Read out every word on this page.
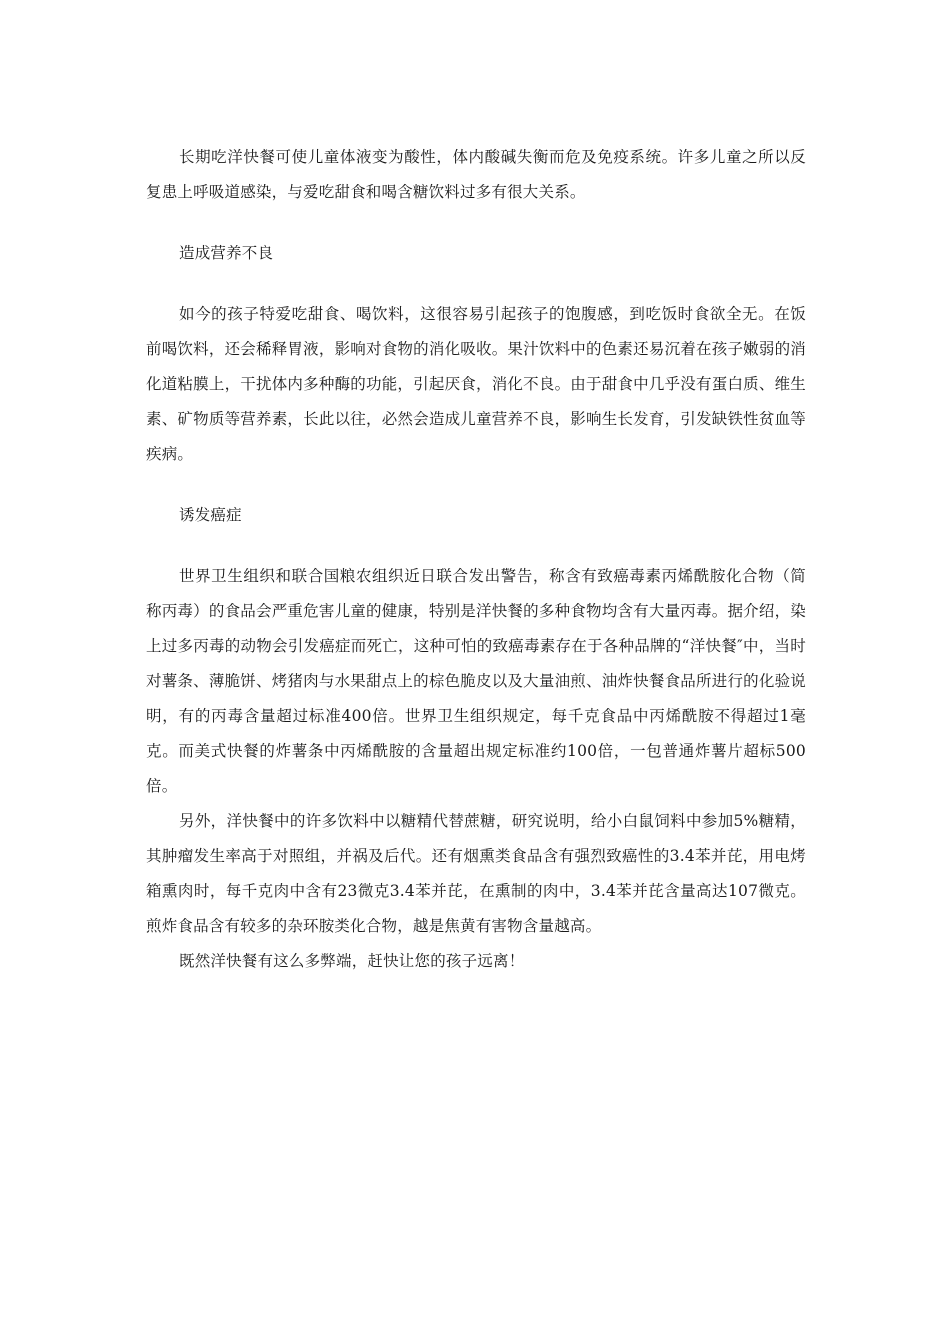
长期吃洋快餐可使儿童体液变为酸性，体内酸碱失衡而危及免疫系统。许多儿童之所以反复患上呼吸道感染，与爱吃甜食和喝含糖饮料过多有很大关系。

造成营养不良

如今的孩子特爱吃甜食、喝饮料，这很容易引起孩子的饱腹感，到吃饭时食欲全无。在饭前喝饮料，还会稀释胃液，影响对食物的消化吸收。果汁饮料中的色素还易沉着在孩子嫩弱的消化道粘膜上，干扰体内多种酶的功能，引起厌食，消化不良。由于甜食中几乎没有蛋白质、维生素、矿物质等营养素，长此以往，必然会造成儿童营养不良，影响生长发育，引发缺铁性贫血等疾病。

诱发癌症

世界卫生组织和联合国粮农组织近日联合发出警告，称含有致癌毒素丙烯酰胺化合物（简称丙毒）的食品会严重危害儿童的健康，特别是洋快餐的多种食物均含有大量丙毒。据介绍，染上过多丙毒的动物会引发癌症而死亡，这种可怕的致癌毒素存在于各种品牌的“洋快餐″中，当时对薯条、薄脆饼、烤猪肉与水果甜点上的棕色脆皮以及大量油煎、油炸快餐食品所进行的化验说明，有的丙毒含量超过标准400倍。世界卫生组织规定，每千克食品中丙烯酰胺不得超过1毫克。而美式快餐的炸薯条中丙烯酰胺的含量超出规定标准约100倍，一包普通炸薯片超标500倍。

另外，洋快餐中的许多饮料中以糖精代替蔗糖，研究说明，给小白鼠饲料中参加5%糖精，其肿瘤发生率高于对照组，并祸及后代。还有烟熏类食品含有强烈致癌性的3.4苯并芘，用电烤箱熏肉时，每千克肉中含有23微克3.4苯并芘，在熏制的肉中，3.4苯并芘含量高达107微克。煎炸食品含有较多的杂环胺类化合物，越是焦黄有害物含量越高。

既然洋快餐有这么多弊端，赶快让您的孩子远离！
